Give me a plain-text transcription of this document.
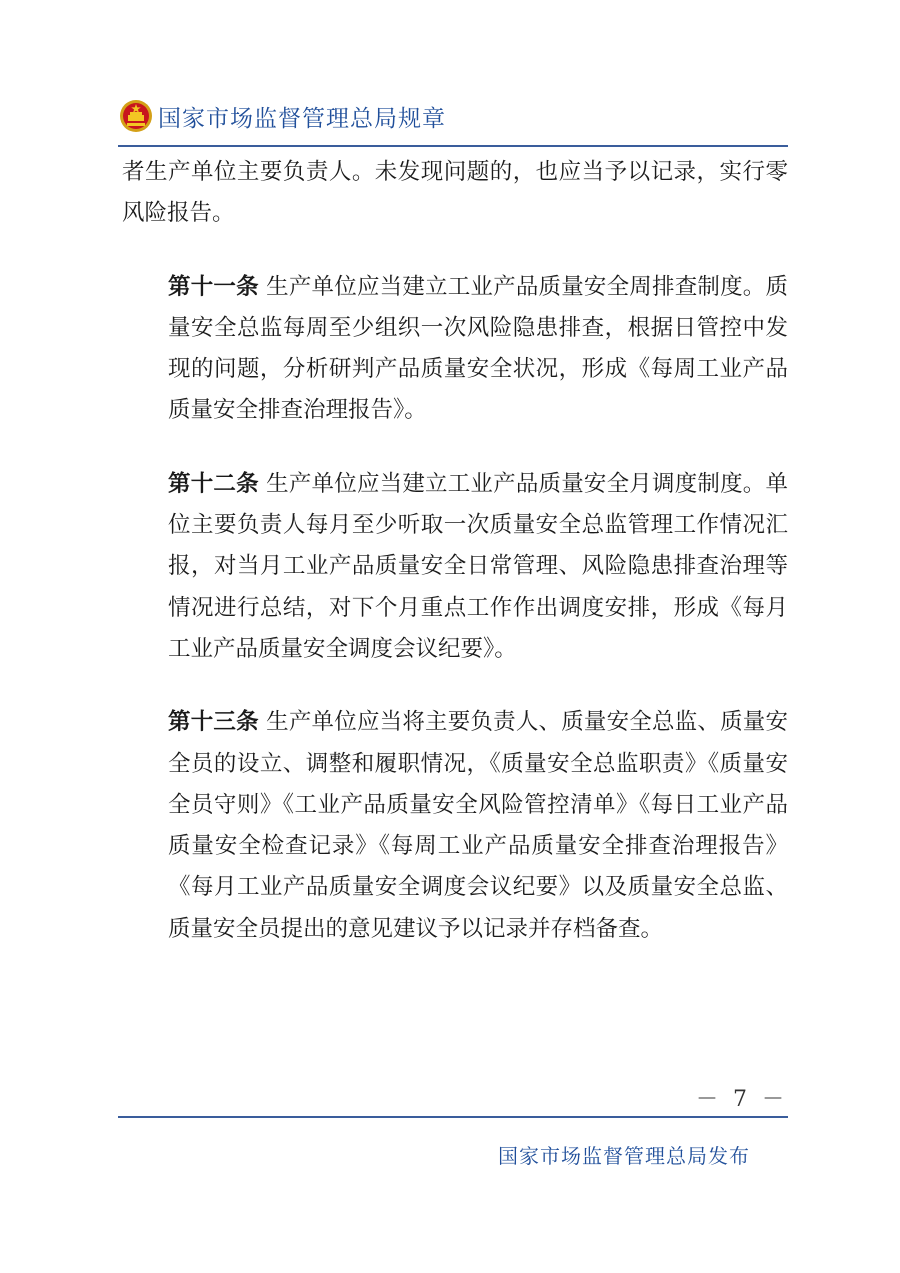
国家市场监督管理总局规章

者生产单位主要负责人。未发现问题的，也应当予以记录，实行零风险报告。

第十一条 生产单位应当建立工业产品质量安全周排查制度。质量安全总监每周至少组织一次风险隐患排查，根据日管控中发现的问题，分析研判产品质量安全状况，形成《每周工业产品质量安全排查治理报告》。

第十二条 生产单位应当建立工业产品质量安全月调度制度。单位主要负责人每月至少听取一次质量安全总监管理工作情况汇报，对当月工业产品质量安全日常管理、风险隐患排查治理等情况进行总结，对下个月重点工作作出调度安排，形成《每月工业产品质量安全调度会议纪要》。

第十三条 生产单位应当将主要负责人、质量安全总监、质量安全员的设立、调整和履职情况，《质量安全总监职责》《质量安全员守则》《工业产品质量安全风险管控清单》《每日工业产品质量安全检查记录》《每周工业产品质量安全排查治理报告》《每月工业产品质量安全调度会议纪要》以及质量安全总监、质量安全员提出的意见建议予以记录并存档备查。

－ 7 －
国家市场监督管理总局发布
